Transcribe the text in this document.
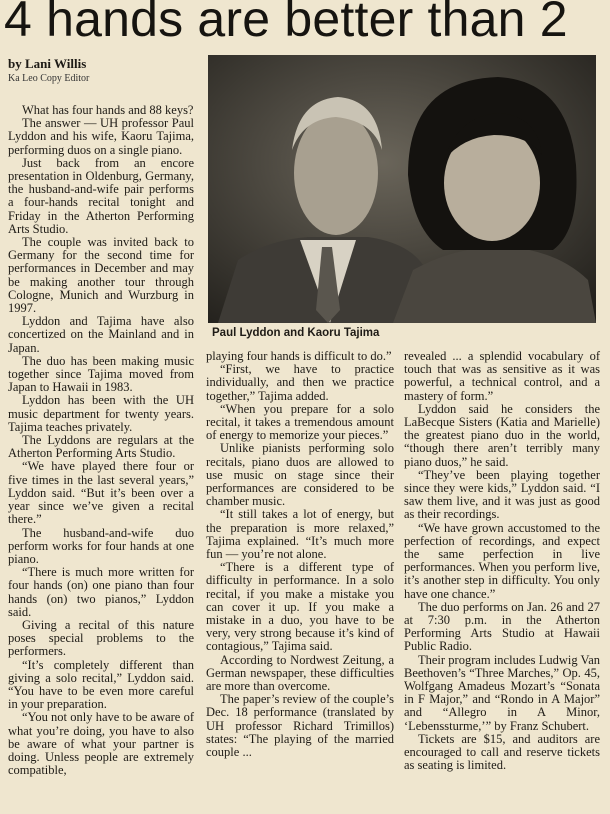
4 hands are better than 2
by Lani Willis
Ka Leo Copy Editor
Paul Lyddon and Kaoru Tajima

What has four hands and 88 keys?

The answer — UH professor Paul Lyddon and his wife, Kaoru Tajima, performing duos on a single piano.

Just back from an encore presentation in Oldenburg, Germany, the husband-and-wife pair performs a four-hands recital tonight and Friday in the Atherton Performing Arts Studio.

The couple was invited back to Germany for the second time for performances in December and may be making another tour through Cologne, Munich and Wurzburg in 1997.

Lyddon and Tajima have also concertized on the Mainland and in Japan.

The duo has been making music together since Tajima moved from Japan to Hawaii in 1983.

Lyddon has been with the UH music department for twenty years. Tajima teaches privately.

The Lyddons are regulars at the Atherton Performing Arts Studio.

“We have played there four or five times in the last several years,” Lyddon said. “But it’s been over a year since we’ve given a recital there.”

The husband-and-wife duo perform works for four hands at one piano.

“There is much more written for four hands (on) one piano than four hands (on) two pianos,” Lyddon said.

Giving a recital of this nature poses special problems to the performers.

“It’s completely different than giving a solo recital,” Lyddon said. “You have to be even more careful in your preparation.

“You not only have to be aware of what you’re doing, you have to also be aware of what your partner is doing. Unless people are extremely compatible,

playing four hands is difficult to do.”

“First, we have to practice individually, and then we practice together,” Tajima added.

“When you prepare for a solo recital, it takes a tremendous amount of energy to memorize your pieces.”

Unlike pianists performing solo recitals, piano duos are allowed to use music on stage since their performances are considered to be chamber music.

“It still takes a lot of energy, but the preparation is more relaxed,” Tajima explained. “It’s much more fun — you’re not alone.

“There is a different type of difficulty in performance. In a solo recital, if you make a mistake you can cover it up. If you make a mistake in a duo, you have to be very, very strong because it’s kind of contagious,” Tajima said.

According to Nordwest Zeitung, a German newspaper, these difficulties are more than overcome.

The paper’s review of the couple’s Dec. 18 performance (translated by UH professor Richard Trimillos) states: “The playing of the married couple ...

revealed ... a splendid vocabulary of touch that was as sensitive as it was powerful, a technical control, and a mastery of form.”

Lyddon said he considers the LaBecque Sisters (Katia and Marielle) the greatest piano duo in the world, “though there aren’t terribly many piano duos,” he said.

“They’ve been playing together since they were kids,” Lyddon said. “I saw them live, and it was just as good as their recordings.

“We have grown accustomed to the perfection of recordings, and expect the same perfection in live performances. When you perform live, it’s another step in difficulty. You only have one chance.”

The duo performs on Jan. 26 and 27 at 7:30 p.m. in the Atherton Performing Arts Studio at Hawaii Public Radio.

Their program includes Ludwig Van Beethoven’s “Three Marches,” Op. 45, Wolfgang Amadeus Mozart’s “Sonata in F Major,” and “Rondo in A Major” and “Allegro in A Minor, ‘Lebenssturme,’” by Franz Schubert.

Tickets are $15, and auditors are encouraged to call and reserve tickets as seating is limited.
